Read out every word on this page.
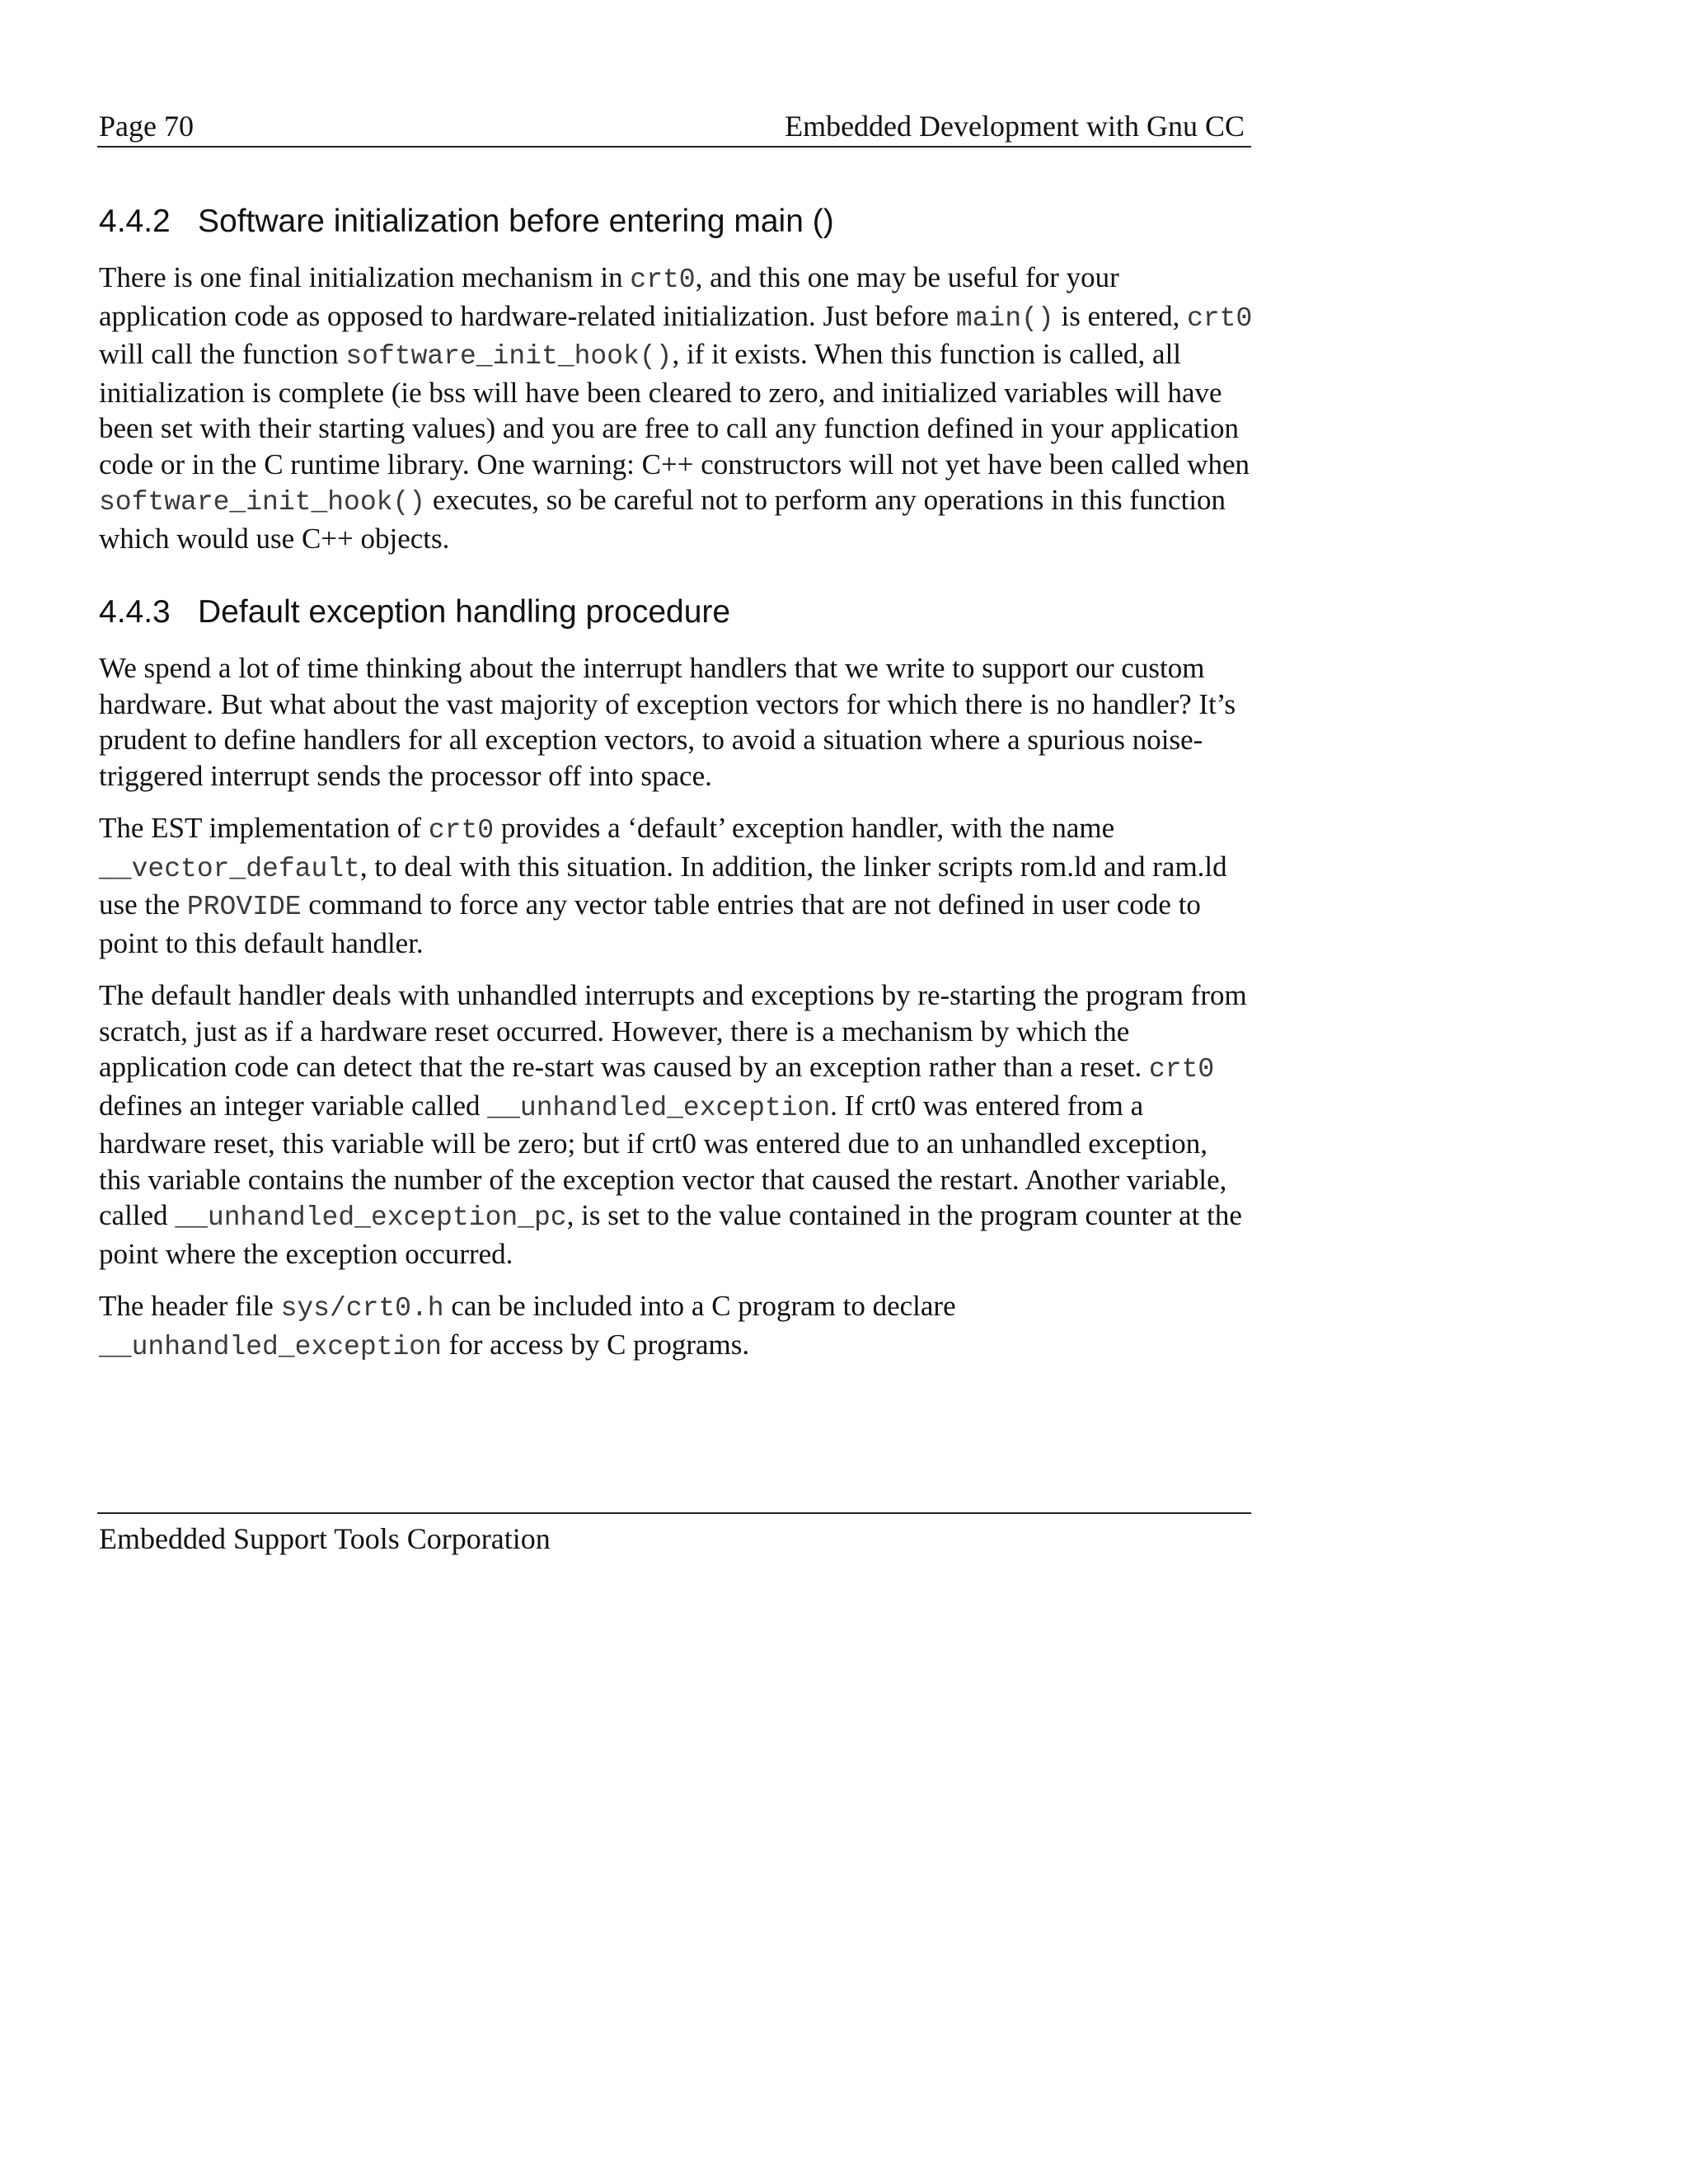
Page 70	Embedded Development with Gnu CC
4.4.2 Software initialization before entering main ()

There is one final initialization mechanism in crt0, and this one may be useful for your application code as opposed to hardware-related initialization. Just before main() is entered, crt0 will call the function software_init_hook(), if it exists. When this function is called, all initialization is complete (ie bss will have been cleared to zero, and initialized variables will have been set with their starting values) and you are free to call any function defined in your application code or in the C runtime library. One warning: C++ constructors will not yet have been called when software_init_hook() executes, so be careful not to perform any operations in this function which would use C++ objects.

4.4.3 Default exception handling procedure

We spend a lot of time thinking about the interrupt handlers that we write to support our custom hardware. But what about the vast majority of exception vectors for which there is no handler? It’s prudent to define handlers for all exception vectors, to avoid a situation where a spurious noise-triggered interrupt sends the processor off into space.

The EST implementation of crt0 provides a ‘default’ exception handler, with the name __vector_default, to deal with this situation. In addition, the linker scripts rom.ld and ram.ld use the PROVIDE command to force any vector table entries that are not defined in user code to point to this default handler.

The default handler deals with unhandled interrupts and exceptions by re-starting the program from scratch, just as if a hardware reset occurred. However, there is a mechanism by which the application code can detect that the re-start was caused by an exception rather than a reset. crt0 defines an integer variable called __unhandled_exception. If crt0 was entered from a hardware reset, this variable will be zero; but if crt0 was entered due to an unhandled exception, this variable contains the number of the exception vector that caused the restart. Another variable, called __unhandled_exception_pc, is set to the value contained in the program counter at the point where the exception occurred.

The header file sys/crt0.h can be included into a C program to declare __unhandled_exception for access by C programs.

Embedded Support Tools Corporation
